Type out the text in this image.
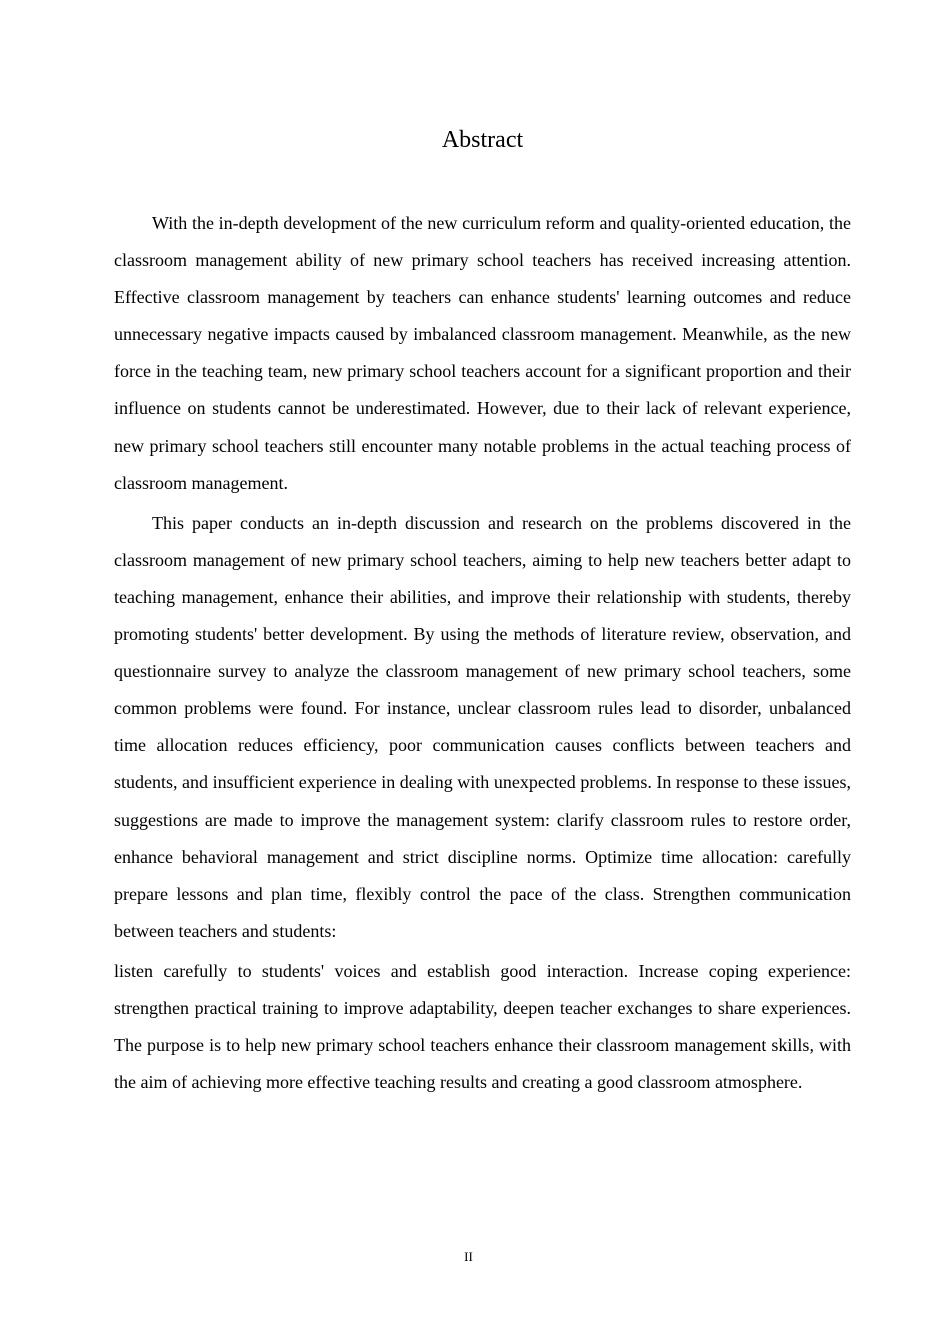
Abstract

With the in-depth development of the new curriculum reform and quality-oriented education, the classroom management ability of new primary school teachers has received increasing attention. Effective classroom management by teachers can enhance students' learning outcomes and reduce unnecessary negative impacts caused by imbalanced classroom management. Meanwhile, as the new force in the teaching team, new primary school teachers account for a significant proportion and their influence on students cannot be underestimated. However, due to their lack of relevant experience, new primary school teachers still encounter many notable problems in the actual teaching process of classroom management.

This paper conducts an in-depth discussion and research on the problems discovered in the classroom management of new primary school teachers, aiming to help new teachers better adapt to teaching management, enhance their abilities, and improve their relationship with students, thereby promoting students' better development. By using the methods of literature review, observation, and questionnaire survey to analyze the classroom management of new primary school teachers, some common problems were found. For instance, unclear classroom rules lead to disorder, unbalanced time allocation reduces efficiency, poor communication causes conflicts between teachers and students, and insufficient experience in dealing with unexpected problems. In response to these issues, suggestions are made to improve the management system: clarify classroom rules to restore order, enhance behavioral management and strict discipline norms. Optimize time allocation: carefully prepare lessons and plan time, flexibly control the pace of the class. Strengthen communication between teachers and students:

listen carefully to students' voices and establish good interaction. Increase coping experience: strengthen practical training to improve adaptability, deepen teacher exchanges to share experiences. The purpose is to help new primary school teachers enhance their classroom management skills, with the aim of achieving more effective teaching results and creating a good classroom atmosphere.

II
